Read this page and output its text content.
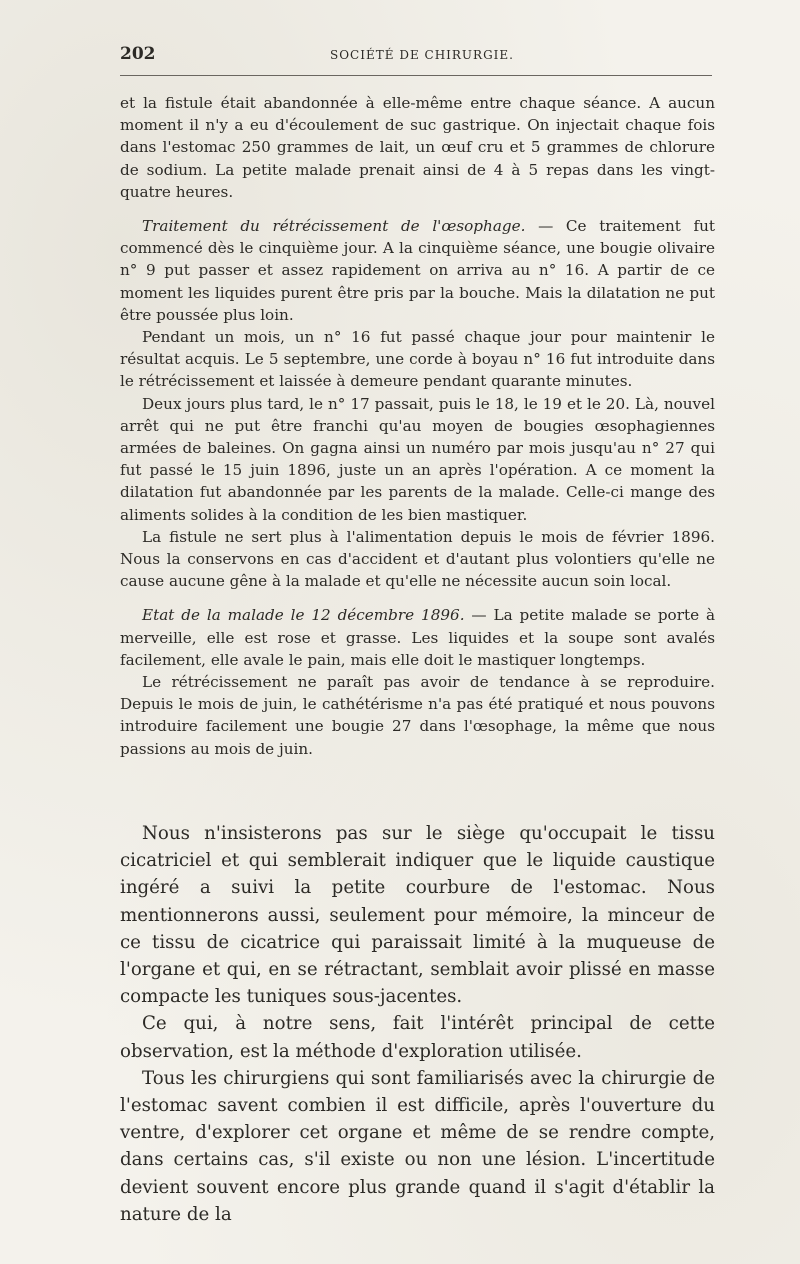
202	SOCIÉTÉ DE CHIRURGIE.

et la fistule était abandonnée à elle-même entre chaque séance. A aucun moment il n'y a eu d'écoulement de suc gastrique. On injectait chaque fois dans l'estomac 250 grammes de lait, un œuf cru et 5 grammes de chlorure de sodium. La petite malade prenait ainsi de 4 à 5 repas dans les vingt-quatre heures.

Traitement du rétrécissement de l'œsophage. — Ce traitement fut commencé dès le cinquième jour. A la cinquième séance, une bougie olivaire n° 9 put passer et assez rapidement on arriva au n° 16. A partir de ce moment les liquides purent être pris par la bouche. Mais la dilatation ne put être poussée plus loin.

Pendant un mois, un n° 16 fut passé chaque jour pour maintenir le résultat acquis. Le 5 septembre, une corde à boyau n° 16 fut introduite dans le rétrécissement et laissée à demeure pendant quarante minutes.

Deux jours plus tard, le n° 17 passait, puis le 18, le 19 et le 20. Là, nouvel arrêt qui ne put être franchi qu'au moyen de bougies œsophagiennes armées de baleines. On gagna ainsi un numéro par mois jusqu'au n° 27 qui fut passé le 15 juin 1896, juste un an après l'opération. A ce moment la dilatation fut abandonnée par les parents de la malade. Celle-ci mange des aliments solides à la condition de les bien mastiquer.

La fistule ne sert plus à l'alimentation depuis le mois de février 1896. Nous la conservons en cas d'accident et d'autant plus volontiers qu'elle ne cause aucune gêne à la malade et qu'elle ne nécessite aucun soin local.

Etat de la malade le 12 décembre 1896. — La petite malade se porte à merveille, elle est rose et grasse. Les liquides et la soupe sont avalés facilement, elle avale le pain, mais elle doit le mastiquer longtemps.

Le rétrécissement ne paraît pas avoir de tendance à se reproduire. Depuis le mois de juin, le cathétérisme n'a pas été pratiqué et nous pouvons introduire facilement une bougie 27 dans l'œsophage, la même que nous passions au mois de juin.

Nous n'insisterons pas sur le siège qu'occupait le tissu cicatriciel et qui semblerait indiquer que le liquide caustique ingéré a suivi la petite courbure de l'estomac. Nous mentionnerons aussi, seulement pour mémoire, la minceur de ce tissu de cicatrice qui paraissait limité à la muqueuse de l'organe et qui, en se rétractant, semblait avoir plissé en masse compacte les tuniques sous-jacentes.

Ce qui, à notre sens, fait l'intérêt principal de cette observation, est la méthode d'exploration utilisée.

Tous les chirurgiens qui sont familiarisés avec la chirurgie de l'estomac savent combien il est difficile, après l'ouverture du ventre, d'explorer cet organe et même de se rendre compte, dans certains cas, s'il existe ou non une lésion. L'incertitude devient souvent encore plus grande quand il s'agit d'établir la nature de la
